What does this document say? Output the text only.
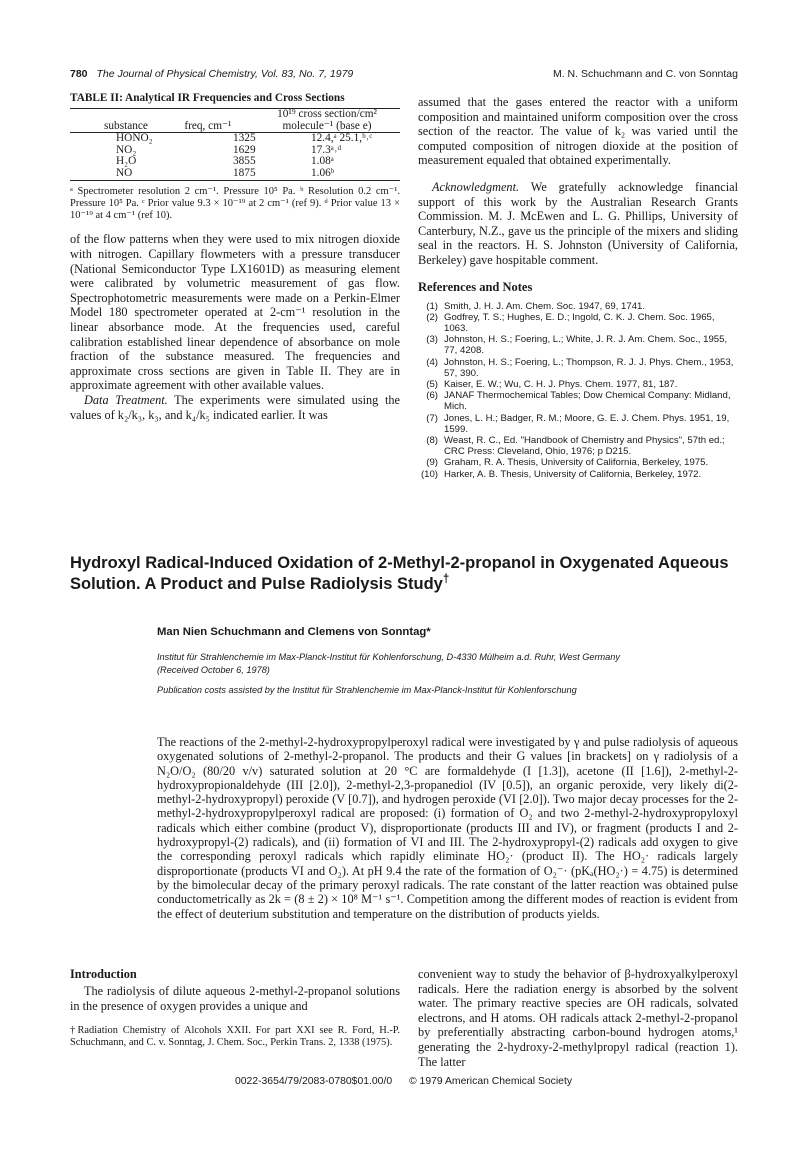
780 The Journal of Physical Chemistry, Vol. 83, No. 7, 1979	M. N. Schuchmann and C. von Sonntag
TABLE II: Analytical IR Frequencies and Cross Sections
substance	freq, cm⁻¹	
10¹⁹ cross section/cm²
molecule⁻¹ (base e)
HONO₂	1325	12.4,ᵃ 25.1,ᵇ˒ᶜ
NO₂	1629	17.3ᵃ˒ᵈ
H₂O	3855	1.08ᵃ
NO	1875	1.06ᵇ
ᵃ Spectrometer resolution 2 cm⁻¹. Pressure 10⁵ Pa. ᵇ Resolution 0.2 cm⁻¹. Pressure 10⁵ Pa. ᶜ Prior value 9.3 × 10⁻¹⁹ at 2 cm⁻¹ (ref 9). ᵈ Prior value 13 × 10⁻¹⁹ at 4 cm⁻¹ (ref 10).

of the flow patterns when they were used to mix nitrogen dioxide with nitrogen. Capillary flowmeters with a pressure transducer (National Semiconductor Type LX1601D) as measuring element were calibrated by volumetric measurement of gas flow. Spectrophotometric measurements were made on a Perkin-Elmer Model 180 spectrometer operated at 2-cm⁻¹ resolution in the linear absorbance mode. At the frequencies used, careful calibration established linear dependence of absorbance on mole fraction of the substance measured. The frequencies and approximate cross sections are given in Table II. They are in approximate agreement with other available values.

Data Treatment. The experiments were simulated using the values of k₂/k₃, k₃, and k₄/k₅ indicated earlier. It was

assumed that the gases entered the reactor with a uniform composition and maintained uniform composition over the cross section of the reactor. The value of k₂ was varied until the computed composition of nitrogen dioxide at the position of measurement equaled that obtained experimentally.

Acknowledgment. We gratefully acknowledge financial support of this work by the Australian Research Grants Commission. M. J. McEwen and L. G. Phillips, University of Canterbury, N.Z., gave us the principle of the mixers and sliding seal in the reactors. H. S. Johnston (University of California, Berkeley) gave hospitable comment.

References and Notes
(1) Smith, J. H. J. Am. Chem. Soc. 1947, 69, 1741.
(2) Godfrey, T. S.; Hughes, E. D.; Ingold, C. K. J. Chem. Soc. 1965, 1063.
(3) Johnston, H. S.; Foering, L.; White, J. R. J. Am. Chem. Soc., 1955, 77, 4208.
(4) Johnston, H. S.; Foering, L.; Thompson, R. J. J. Phys. Chem., 1953, 57, 390.
(5) Kaiser, E. W.; Wu, C. H. J. Phys. Chem. 1977, 81, 187.
(6) JANAF Thermochemical Tables; Dow Chemical Company: Midland, Mich.
(7) Jones, L. H.; Badger, R. M.; Moore, G. E. J. Chem. Phys. 1951, 19, 1599.
(8) Weast, R. C., Ed. "Handbook of Chemistry and Physics", 57th ed.; CRC Press: Cleveland, Ohio, 1976; p D215.
(9) Graham, R. A. Thesis, University of California, Berkeley, 1975.
(10) Harker, A. B. Thesis, University of California, Berkeley, 1972.
Hydroxyl Radical-Induced Oxidation of 2-Methyl-2-propanol in Oxygenated Aqueous Solution. A Product and Pulse Radiolysis Study†
Man Nien Schuchmann and Clemens von Sonntag*
Institut für Strahlenchemie im Max-Planck-Institut für Kohlenforschung, D-4330 Mülheim a.d. Ruhr, West Germany
(Received October 6, 1978)
Publication costs assisted by the Institut für Strahlenchemie im Max-Planck-Institut für Kohlenforschung
The reactions of the 2-methyl-2-hydroxypropylperoxyl radical were investigated by γ and pulse radiolysis of aqueous oxygenated solutions of 2-methyl-2-propanol. The products and their G values [in brackets] on γ radiolysis of a N₂O/O₂ (80/20 v/v) saturated solution at 20 °C are formaldehyde (I [1.3]), acetone (II [1.6]), 2-methyl-2-hydroxypropionaldehyde (III [2.0]), 2-methyl-2,3-propanediol (IV [0.5]), an organic peroxide, very likely di(2-methyl-2-hydroxypropyl) peroxide (V [0.7]), and hydrogen peroxide (VI [2.0]). Two major decay processes for the 2-methyl-2-hydroxypropylperoxyl radical are proposed: (i) formation of O₂ and two 2-methyl-2-hydroxypropyloxyl radicals which either combine (product V), disproportionate (products III and IV), or fragment (products I and 2-hydroxypropyl-(2) radicals), and (ii) formation of VI and III. The 2-hydroxypropyl-(2) radicals add oxygen to give the corresponding peroxyl radicals which rapidly eliminate HO₂· (product II). The HO₂· radicals largely disproportionate (products VI and O₂). At pH 9.4 the rate of the formation of O₂⁻· (pKₐ(HO₂·) = 4.75) is determined by the bimolecular decay of the primary peroxyl radicals. The rate constant of the latter reaction was obtained pulse conductometrically as 2k = (8 ± 2) × 10⁸ M⁻¹ s⁻¹. Competition among the different modes of reaction is evident from the effect of deuterium substitution and temperature on the distribution of products yields.
Introduction

The radiolysis of dilute aqueous 2-methyl-2-propanol solutions in the presence of oxygen provides a unique and

†Radiation Chemistry of Alcohols XXII. For part XXI see R. Ford, H.-P. Schuchmann, and C. v. Sonntag, J. Chem. Soc., Perkin Trans. 2, 1338 (1975).
convenient way to study the behavior of β-hydroxyalkylperoxyl radicals. Here the radiation energy is absorbed by the solvent water. The primary reactive species are OH radicals, solvated electrons, and H atoms. OH radicals attack 2-methyl-2-propanol by preferentially abstracting carbon-bound hydrogen atoms,¹ generating the 2-hydroxy-2-methylpropyl radical (reaction 1). The latter
0022-3654/79/2083-0780$01.00/0 © 1979 American Chemical Society
